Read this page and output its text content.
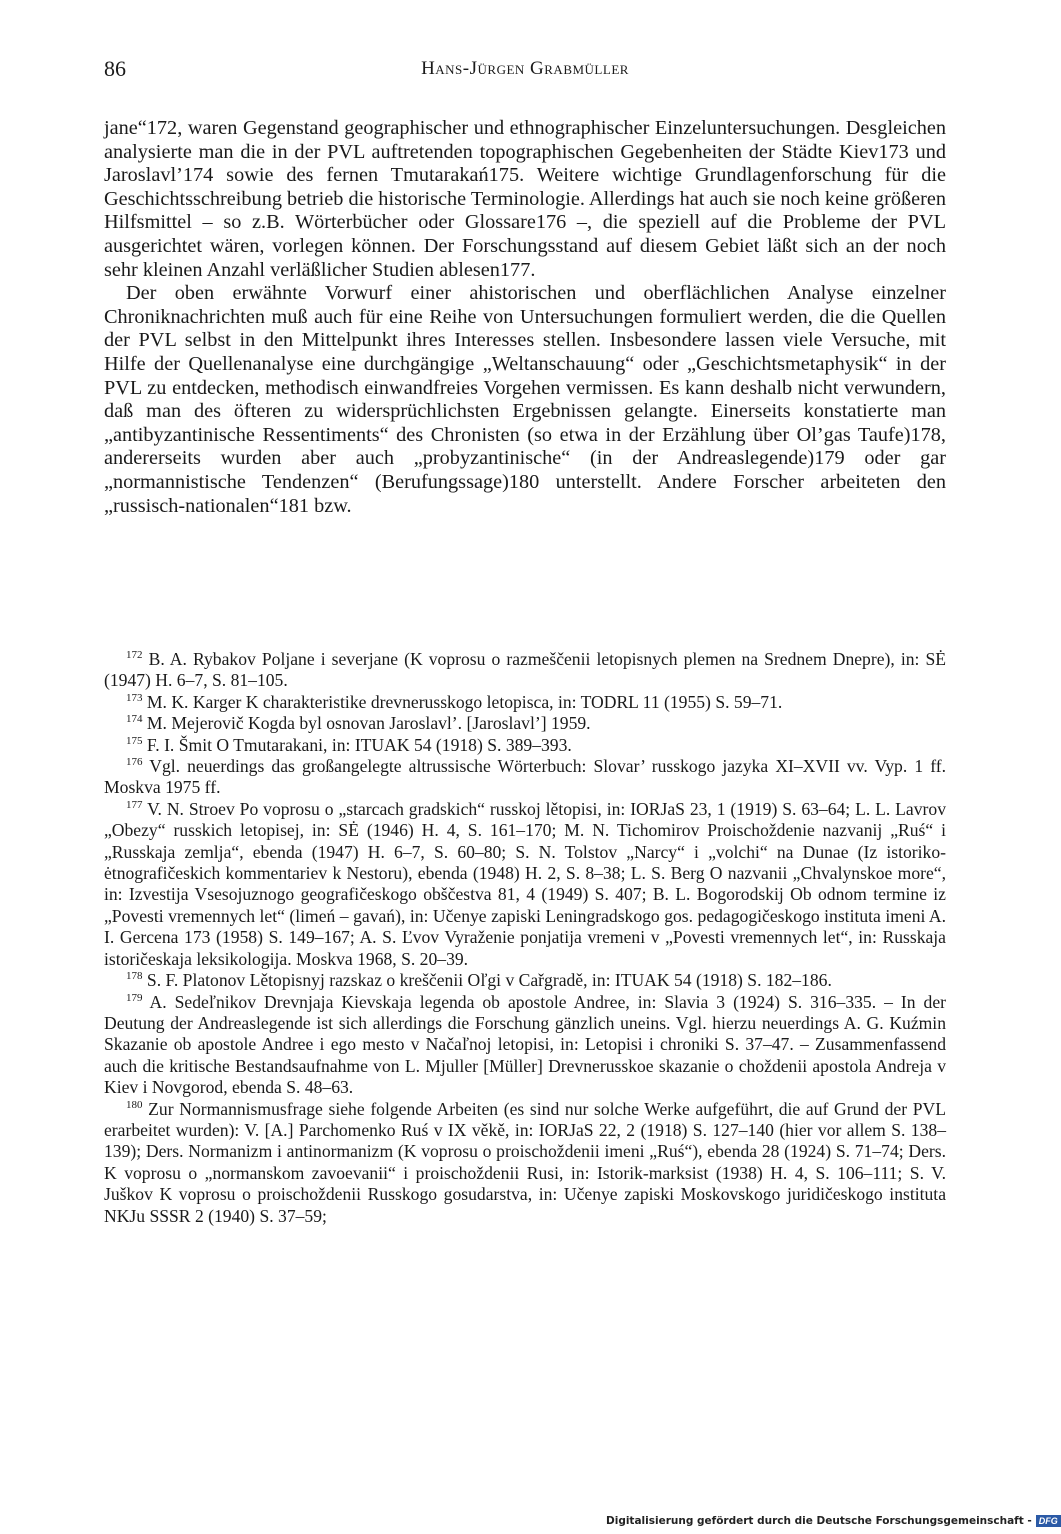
86	Hans-Jürgen Grabmüller

jane“172, waren Gegenstand geographischer und ethnographischer Einzeluntersuchungen. Desgleichen analysierte man die in der PVL auftretenden topographischen Gegebenheiten der Städte Kiev173 und Jaroslavl’174 sowie des fernen Tmutarakań175. Weitere wichtige Grundlagenforschung für die Geschichtsschreibung betrieb die historische Terminologie. Allerdings hat auch sie noch keine größeren Hilfsmittel – so z.B. Wörterbücher oder Glossare176 –, die speziell auf die Probleme der PVL ausgerichtet wären, vorlegen können. Der Forschungsstand auf diesem Gebiet läßt sich an der noch sehr kleinen Anzahl verläßlicher Studien ablesen177.

Der oben erwähnte Vorwurf einer ahistorischen und oberflächlichen Analyse einzelner Chroniknachrichten muß auch für eine Reihe von Untersuchungen formuliert werden, die die Quellen der PVL selbst in den Mittelpunkt ihres Interesses stellen. Insbesondere lassen viele Versuche, mit Hilfe der Quellenanalyse eine durchgängige „Weltanschauung“ oder „Geschichtsmetaphysik“ in der PVL zu entdecken, methodisch einwandfreies Vorgehen vermissen. Es kann deshalb nicht verwundern, daß man des öfteren zu widersprüchlichsten Ergebnissen gelangte. Einerseits konstatierte man „antibyzantinische Ressentiments“ des Chronisten (so etwa in der Erzählung über Ol’gas Taufe)178, andererseits wurden aber auch „probyzantinische“ (in der Andreaslegende)179 oder gar „normannistische Tendenzen“ (Berufungssage)180 unterstellt. Andere Forscher arbeiteten den „russisch-nationalen“181 bzw.

$^{172}$ B. A. Rybakov Poljane i severjane (K voprosu o razmeščenii letopisnych plemen na Srednem Dnepre), in: SĖ (1947) H. 6–7, S. 81–105.

$^{173}$ M. K. Karger K charakteristike drevnerusskogo letopisca, in: TODRL 11 (1955) S. 59–71.

$^{174}$ M. Mejerovič Kogda byl osnovan Jaroslavl’. [Jaroslavl’] 1959.

$^{175}$ F. I. Šmit O Tmutarakani, in: ITUAK 54 (1918) S. 389–393.

$^{176}$ Vgl. neuerdings das großangelegte altrussische Wörterbuch: Slovar’ russkogo jazyka XI–XVII vv. Vyp. 1 ff. Moskva 1975 ff.

$^{177}$ V. N. Stroev Po voprosu o „starcach gradskich“ russkoj lětopisi, in: IORJaS 23, 1 (1919) S. 63–64; L. L. Lavrov „Obezy“ russkich letopisej, in: SĖ (1946) H. 4, S. 161–170; M. N. Tichomirov Proischoždenie nazvanij „Ruś“ i „Russkaja zemlja“, ebenda (1947) H. 6–7, S. 60–80; S. N. Tolstov „Narcy“ i „volchi“ na Dunae (Iz istoriko-ėtnografičeskich kommentariev k Nestoru), ebenda (1948) H. 2, S. 8–38; L. S. Berg O nazvanii „Chvalynskoe more“, in: Izvestija Vsesojuznogo geografičeskogo obščestva 81, 4 (1949) S. 407; B. L. Bogorodskij Ob odnom termine iz „Povesti vremennych let“ (limeń – gavań), in: Učenye zapiski Leningradskogo gos. pedagogičeskogo instituta imeni A. I. Gercena 173 (1958) S. 149–167; A. S. Ľvov Vyraženie ponjatija vremeni v „Povesti vremennych let“, in: Russkaja istoričeskaja leksikologija. Moskva 1968, S. 20–39.

$^{178}$ S. F. Platonov Lětopisnyj razskaz o kreščenii Oľgi v Cařgradě, in: ITUAK 54 (1918) S. 182–186.

$^{179}$ A. Sedeľnikov Drevnjaja Kievskaja legenda ob apostole Andree, in: Slavia 3 (1924) S. 316–335. – In der Deutung der Andreaslegende ist sich allerdings die Forschung gänzlich uneins. Vgl. hierzu neuerdings A. G. Kuźmin Skazanie ob apostole Andree i ego mesto v Načaľnoj letopisi, in: Letopisi i chroniki S. 37–47. – Zusammenfassend auch die kritische Bestandsaufnahme von L. Mjuller [Müller] Drevnerusskoe skazanie o choždenii apostola Andreja v Kiev i Novgorod, ebenda S. 48–63.

$^{180}$ Zur Normannismusfrage siehe folgende Arbeiten (es sind nur solche Werke aufgeführt, die auf Grund der PVL erarbeitet wurden): V. [A.] Parchomenko Ruś v IX věkě, in: IORJaS 22, 2 (1918) S. 127–140 (hier vor allem S. 138–139); Ders. Normanizm i antinormanizm (K voprosu o proischoždenii imeni „Ruś“), ebenda 28 (1924) S. 71–74; Ders. K voprosu o „normanskom zavoevanii“ i proischoždenii Rusi, in: Istorik-marksist (1938) H. 4, S. 106–111; S. V. Juškov K voprosu o proischoždenii Russkogo gosudarstva, in: Učenye zapiski Moskovskogo juridičeskogo instituta NKJu SSSR 2 (1940) S. 37–59;

Digitalisierung gefördert durch die Deutsche Forschungsgemeinschaft - DFG
